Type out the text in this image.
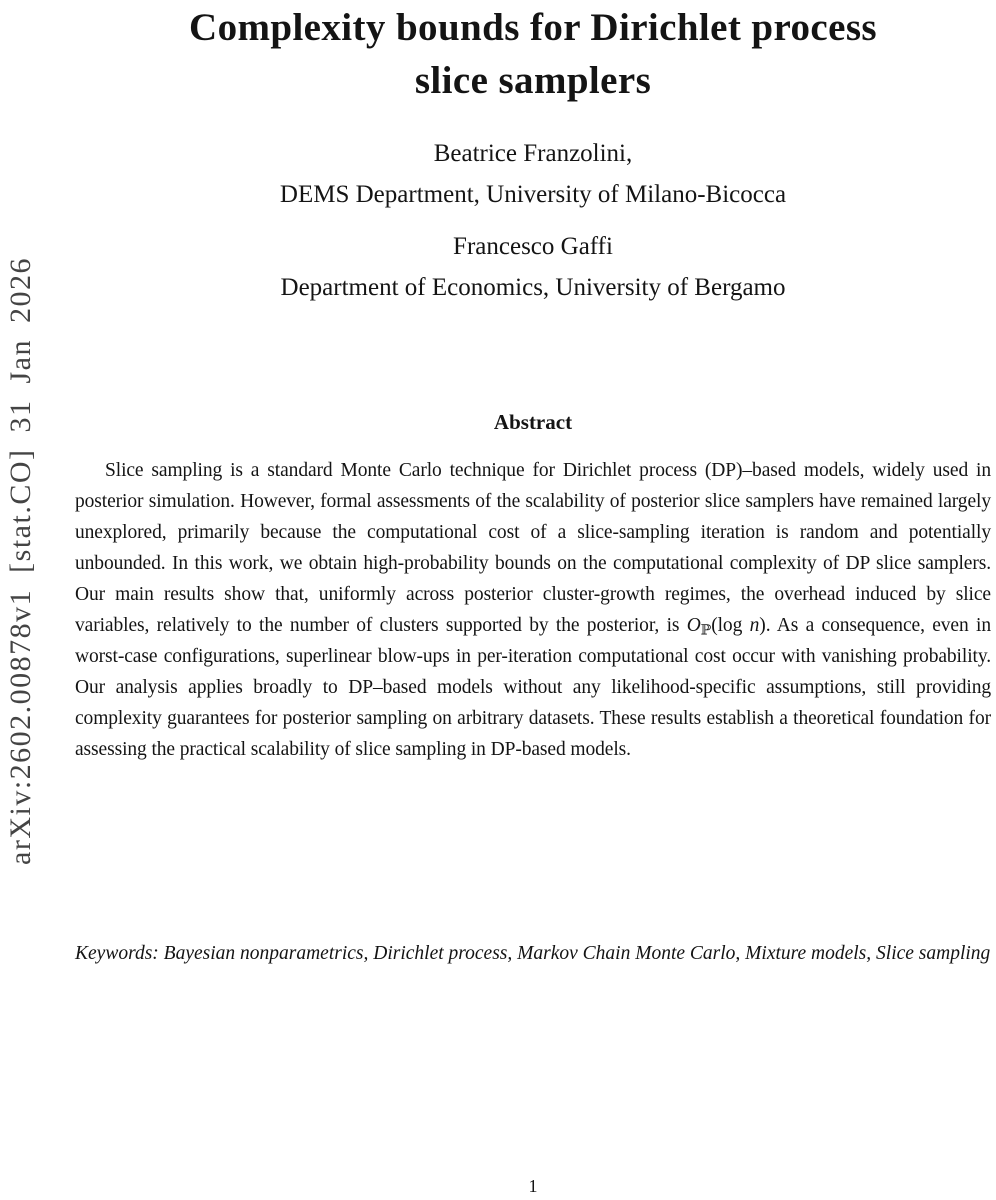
arXiv:2602.00878v1 [stat.CO] 31 Jan 2026
Complexity bounds for Dirichlet process
slice samplers
Beatrice Franzolini,
DEMS Department, University of Milano-Bicocca
Francesco Gaffi
Department of Economics, University of Bergamo
Abstract

Slice sampling is a standard Monte Carlo technique for Dirichlet process (DP)–based models, widely used in posterior simulation. However, formal assessments of the scalability of posterior slice samplers have remained largely unexplored, primarily because the computational cost of a slice-sampling iteration is random and potentially unbounded. In this work, we obtain high-probability bounds on the computational complexity of DP slice samplers. Our main results show that, uniformly across posterior cluster-growth regimes, the overhead induced by slice variables, relatively to the number of clusters supported by the posterior, is $O_ℙ(\log$ n). As a consequence, even in worst-case configurations, superlinear blow-ups in per-iteration computational cost occur with vanishing probability. Our analysis applies broadly to DP–based models without any likelihood-specific assumptions, still providing complexity guarantees for posterior sampling on arbitrary datasets. These results establish a theoretical foundation for assessing the practical scalability of slice sampling in DP-based models.

Keywords: Bayesian nonparametrics, Dirichlet process, Markov Chain Monte Carlo, Mixture models, Slice sampling

1
